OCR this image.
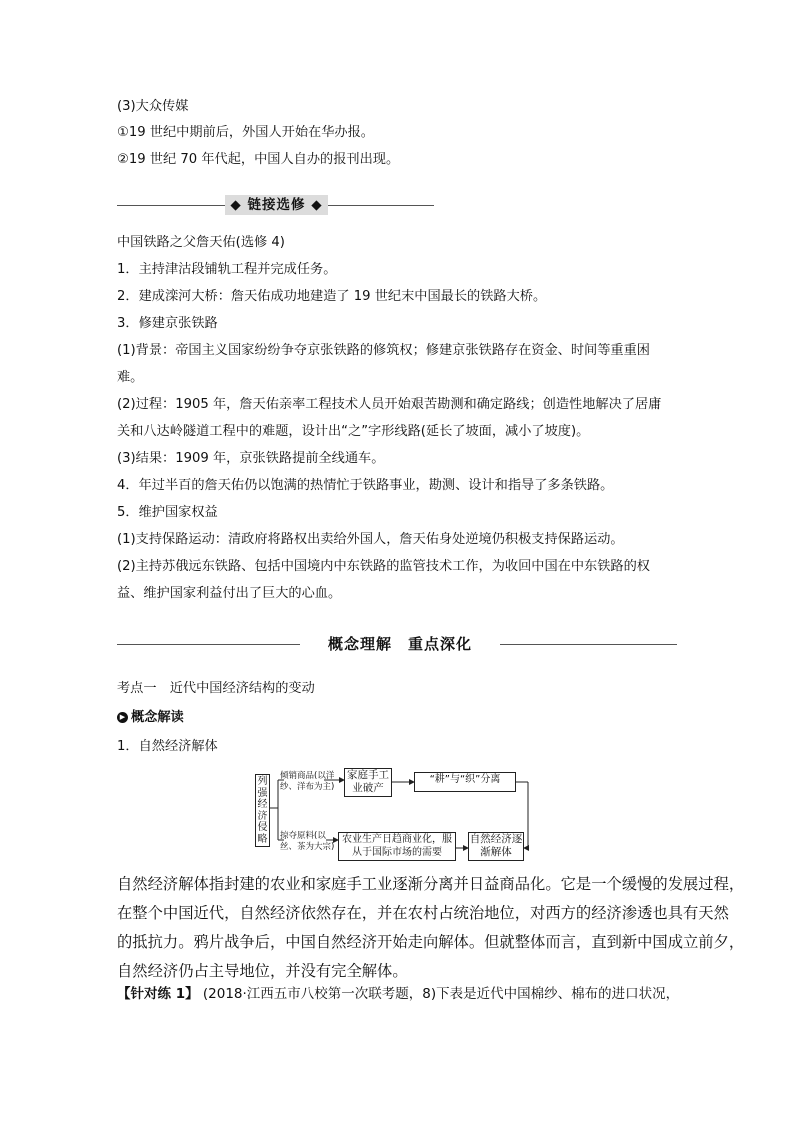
(3)大众传媒
①19 世纪中期前后，外国人开始在华办报。
②19 世纪 70 年代起，中国人自办的报刊出现。
◆ 链接选修 ◆
中国铁路之父詹天佑(选修 4)
1．主持津沽段铺轨工程并完成任务。
2．建成滦河大桥：詹天佑成功地建造了 19 世纪末中国最长的铁路大桥。
3．修建京张铁路
(1)背景：帝国主义国家纷纷争夺京张铁路的修筑权；修建京张铁路存在资金、时间等重重困
难。
(2)过程：1905 年，詹天佑亲率工程技术人员开始艰苦勘测和确定路线；创造性地解决了居庸
关和八达岭隧道工程中的难题，设计出“之”字形线路(延长了坡面，减小了坡度)。
(3)结果：1909 年，京张铁路提前全线通车。
4．年过半百的詹天佑仍以饱满的热情忙于铁路事业，勘测、设计和指导了多条铁路。
5．维护国家权益
(1)支持保路运动：清政府将路权出卖给外国人，詹天佑身处逆境仍积极支持保路运动。
(2)主持苏俄远东铁路、包括中国境内中东铁路的监管技术工作，为收回中国在中东铁路的权
益、维护国家利益付出了巨大的心血。
概念理解　重点深化
考点一　近代中国经济结构的变动
▶ 概念解读
1．自然经济解体
列强经济侵略
倾销商品(以洋纱、洋布为主)
掠夺原料(以丝、茶为大宗)
家庭手工业破产
“耕”与“织”分离
农业生产日趋商业化，服从于国际市场的需要
自然经济逐渐解体
自然经济解体指封建的农业和家庭手工业逐渐分离并日益商品化。它是一个缓慢的发展过程，
在整个中国近代，自然经济依然存在，并在农村占统治地位，对西方的经济渗透也具有天然
的抵抗力。鸦片战争后，中国自然经济开始走向解体。但就整体而言，直到新中国成立前夕，
自然经济仍占主导地位，并没有完全解体。
【针对练 1】 (2018·江西五市八校第一次联考题，8)下表是近代中国棉纱、棉布的进口状况，
